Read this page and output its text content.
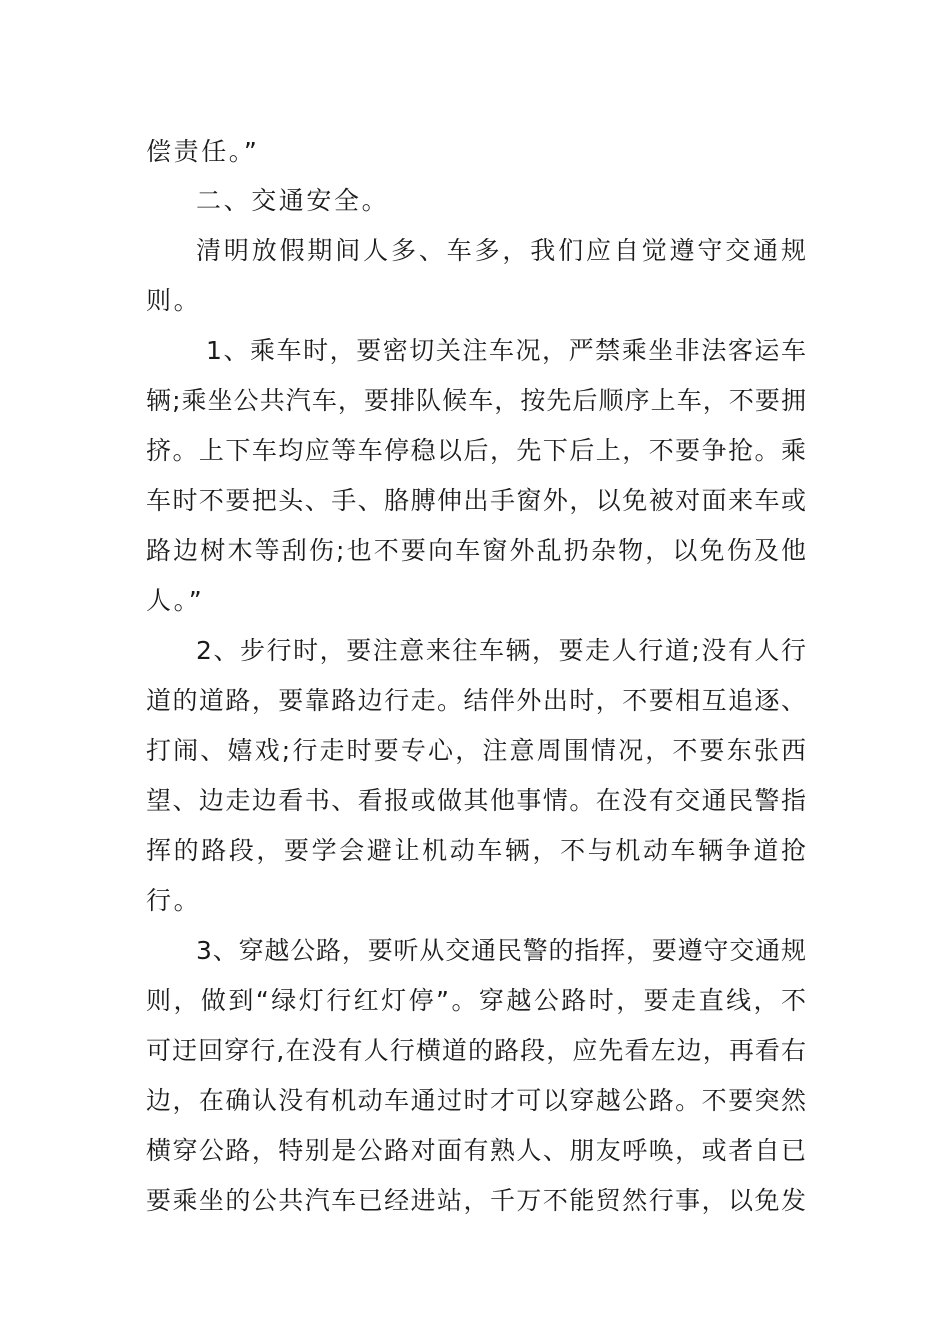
偿责任。”
二、交通安全。
清明放假期间人多、车多，我们应自觉遵守交通规
则。
1、乘车时，要密切关注车况，严禁乘坐非法客运车
辆;乘坐公共汽车，要排队候车，按先后顺序上车，不要拥
挤。上下车均应等车停稳以后，先下后上，不要争抢。乘
车时不要把头、手、胳膊伸出手窗外，以免被对面来车或
路边树木等刮伤;也不要向车窗外乱扔杂物，以免伤及他
人。”
2、步行时，要注意来往车辆，要走人行道;没有人行
道的道路，要靠路边行走。结伴外出时，不要相互追逐、
打闹、嬉戏;行走时要专心，注意周围情况，不要东张西
望、边走边看书、看报或做其他事情。在没有交通民警指
挥的路段，要学会避让机动车辆，不与机动车辆争道抢
行。
3、穿越公路，要听从交通民警的指挥，要遵守交通规
则，做到“绿灯行红灯停”。穿越公路时，要走直线，不
可迂回穿行,在没有人行横道的路段，应先看左边，再看右
边，在确认没有机动车通过时才可以穿越公路。不要突然
横穿公路，特别是公路对面有熟人、朋友呼唤，或者自已
要乘坐的公共汽车已经进站，千万不能贸然行事，以免发
